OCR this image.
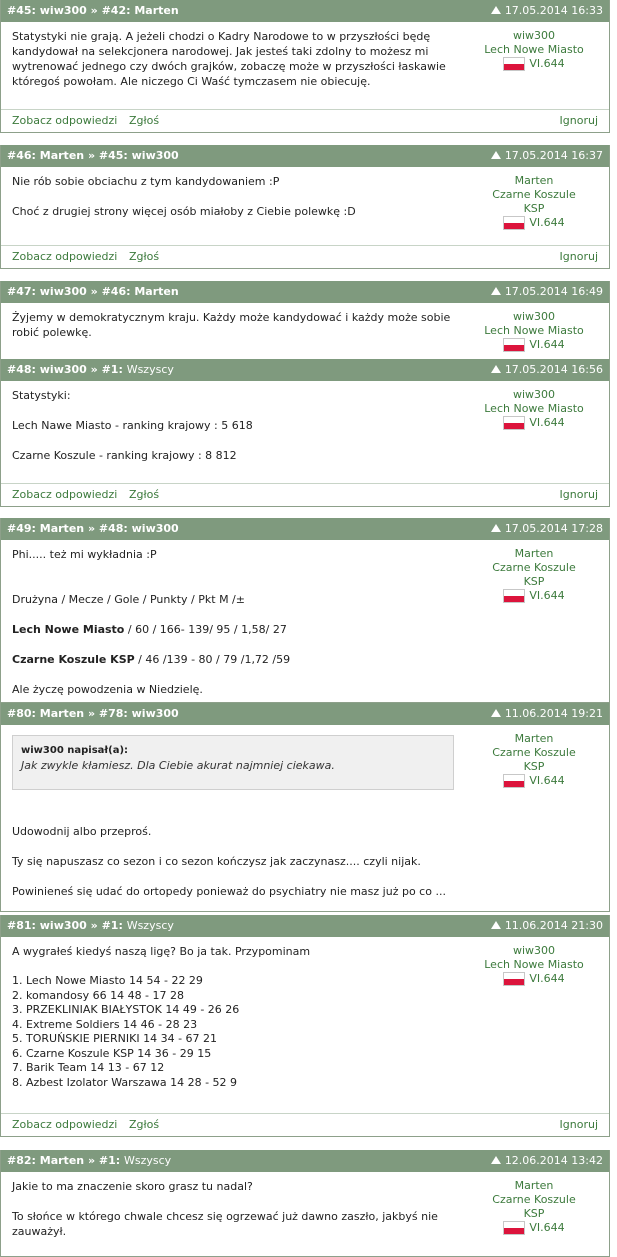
#45: wiw300 » #42: Marten	17.05.2014 16:33

Statystyki nie grają. A jeżeli chodzi o Kadry Narodowe to w przyszłości będę kandydował na selekcjonera narodowej. Jak jesteś taki zdolny to możesz mi wytrenować jednego czy dwóch grajków, zobaczę może w przyszłości łaskawie któregoś powołam. Ale niczego Ci Waść tymczasem nie obiecuję.

wiw300
Lech Nowe Miasto
VI.644
Zobacz odpowiedzi Zgłoś	Ignoruj
#46: Marten » #45: wiw300	17.05.2014 16:37

Nie rób sobie obciachu z tym kandydowaniem :P

Choć z drugiej strony więcej osób miałoby z Ciebie polewkę :D

Marten
Czarne Koszule
KSP
VI.644
Zobacz odpowiedzi Zgłoś	Ignoruj
#47: wiw300 » #46: Marten	17.05.2014 16:49

Żyjemy w demokratycznym kraju. Każdy może kandydować i każdy może sobie robić polewkę.

wiw300
Lech Nowe Miasto
VI.644
#48: wiw300 » #1: Wszyscy	17.05.2014 16:56

Statystyki:

Lech Nawe Miasto - ranking krajowy : 5 618

Czarne Koszule - ranking krajowy : 8 812

wiw300
Lech Nowe Miasto
VI.644
Zobacz odpowiedzi Zgłoś	Ignoruj
#49: Marten » #48: wiw300	17.05.2014 17:28

Phi..... też mi wykładnia :P

Drużyna / Mecze / Gole / Punkty / Pkt M /±

Lech Nowe Miasto / 60 / 166- 139/ 95 / 1,58/ 27

Czarne Koszule KSP / 46 /139 - 80 / 79 /1,72 /59

Ale życzę powodzenia w Niedzielę.

Marten
Czarne Koszule
KSP
VI.644
#80: Marten » #78: wiw300	11.06.2014 19:21
wiw300 napisał(a):
Jak zwykle kłamiesz. Dla Ciebie akurat najmniej ciekawa.

Udowodnij albo przeproś.

Ty się napuszasz co sezon i co sezon kończysz jak zaczynasz.... czyli nijak.

Powinieneś się udać do ortopedy ponieważ do psychiatry nie masz już po co ...

Marten
Czarne Koszule
KSP
VI.644
#81: wiw300 » #1: Wszyscy	11.06.2014 21:30

A wygrałeś kiedyś naszą ligę? Bo ja tak. Przypominam

1. Lech Nowe Miasto 14 54 - 22 29

2. komandosy 66 14 48 - 17 28

3. PRZEKLINIAK BIAŁYSTOK 14 49 - 26 26

4. Extreme Soldiers 14 46 - 28 23

5. TORUŃSKIE PIERNIKI 14 34 - 67 21

6. Czarne Koszule KSP 14 36 - 29 15

7. Barik Team 14 13 - 67 12

8. Azbest Izolator Warszawa 14 28 - 52 9

wiw300
Lech Nowe Miasto
VI.644
Zobacz odpowiedzi Zgłoś	Ignoruj
#82: Marten » #1: Wszyscy	12.06.2014 13:42

Jakie to ma znaczenie skoro grasz tu nadal?

To słońce w którego chwale chcesz się ogrzewać już dawno zaszło, jakbyś nie zauważył.

Marten
Czarne Koszule
KSP
VI.644
